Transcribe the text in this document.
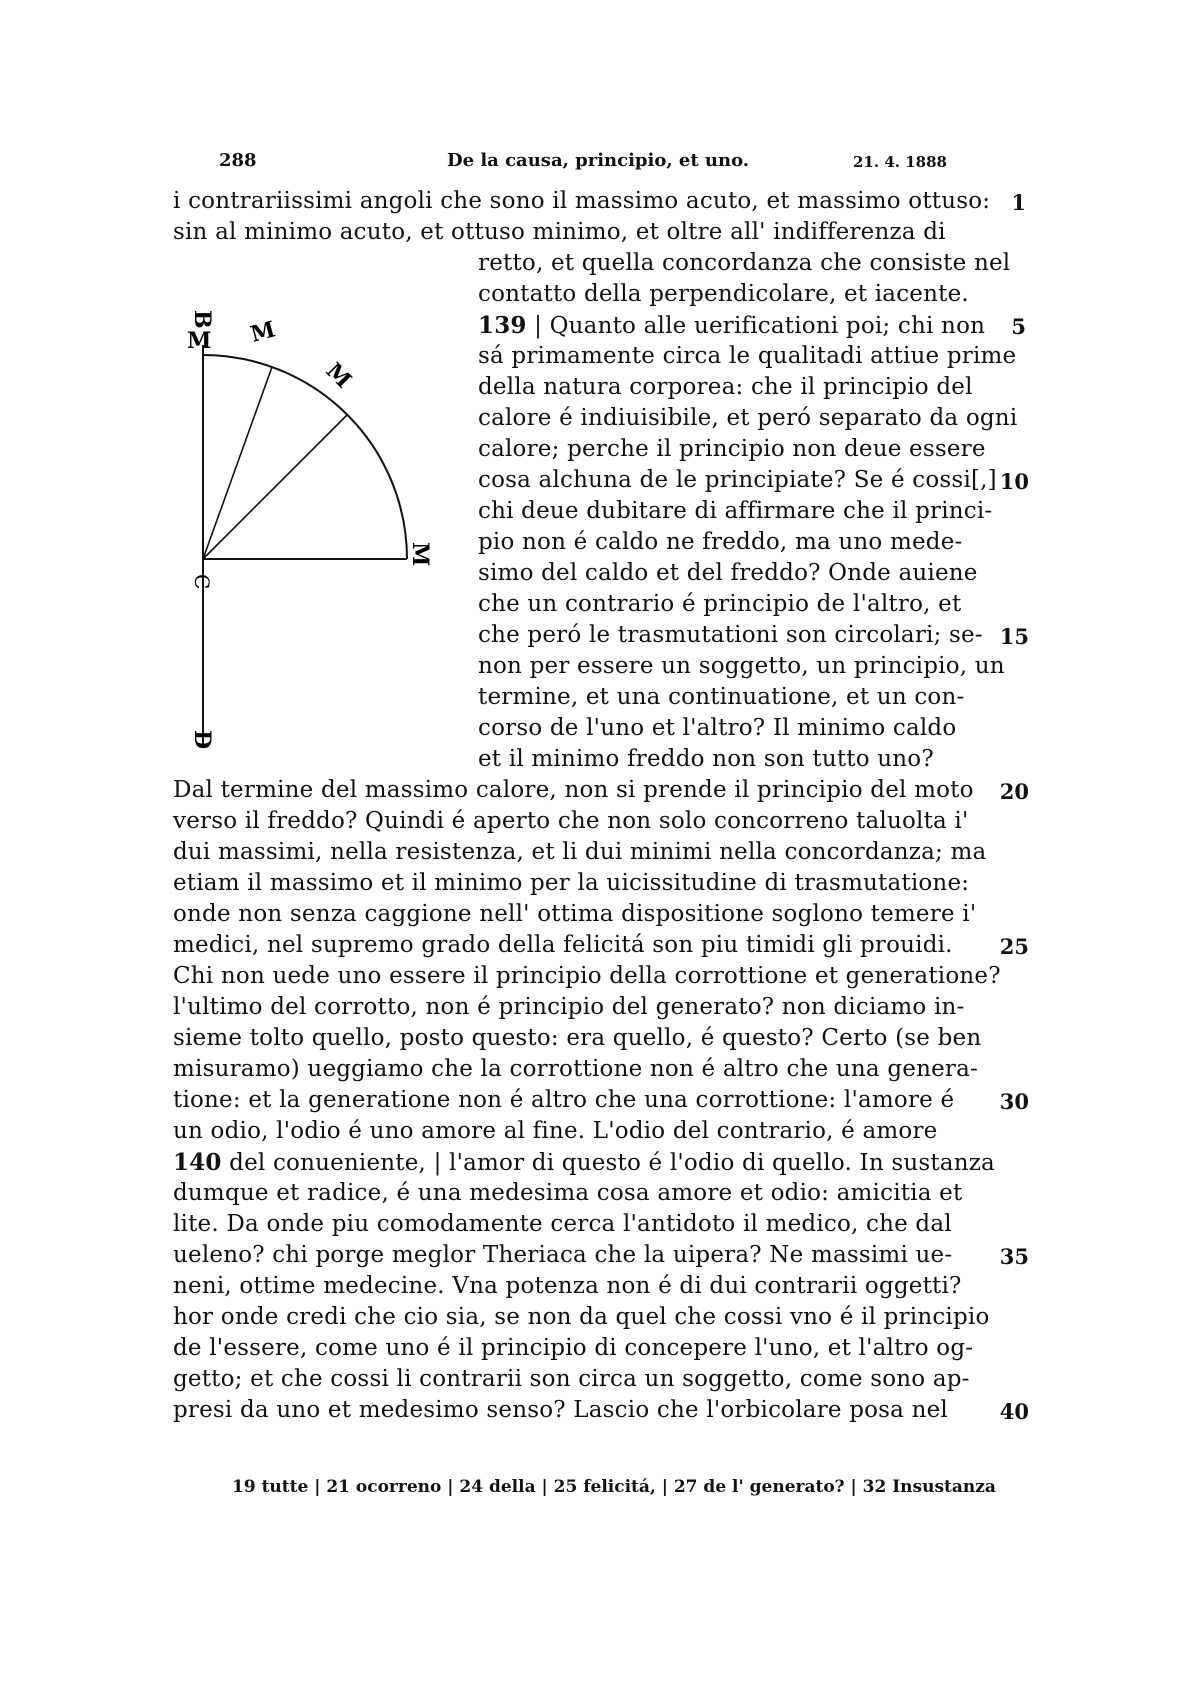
288	De la causa, principio, et uno.	21. 4. 1888
B
M M
M
M
C
D
i contrariissimi angoli che sono il massimo acuto, et massimo ottuso:
sin al minimo acuto, et ottuso minimo, et oltre all' indifferenza di
retto, et quella concordanza che consiste nel
contatto della perpendicolare, et iacente.
139 | Quanto alle uerificationi poi; chi non
sá primamente circa le qualitadi attiue prime
della natura corporea: che il principio del
calore é indiuisibile, et peró separato da ogni
calore; perche il principio non deue essere
cosa alchuna de le principiate? Se é cossi[,]
chi deue dubitare di affirmare che il princi-
pio non é caldo ne freddo, ma uno mede-
simo del caldo et del freddo? Onde auiene
che un contrario é principio de l'altro, et
che peró le trasmutationi son circolari; se-
non per essere un soggetto, un principio, un
termine, et una continuatione, et un con-
corso de l'uno et l'altro? Il minimo caldo
et il minimo freddo non son tutto uno?
Dal termine del massimo calore, non si prende il principio del moto
verso il freddo? Quindi é aperto che non solo concorreno taluolta i'
dui massimi, nella resistenza, et li dui minimi nella concordanza; ma
etiam il massimo et il minimo per la uicissitudine di trasmutatione:
onde non senza caggione nell' ottima dispositione soglono temere i'
medici, nel supremo grado della felicitá son piu timidi gli prouidi.
Chi non uede uno essere il principio della corrottione et generatione?
l'ultimo del corrotto, non é principio del generato? non diciamo in-
sieme tolto quello, posto questo: era quello, é questo? Certo (se ben
misuramo) ueggiamo che la corrottione non é altro che una genera-
tione: et la generatione non é altro che una corrottione: l'amore é
un odio, l'odio é uno amore al fine. L'odio del contrario, é amore
140 del conueniente, | l'amor di questo é l'odio di quello. In sustanza
dumque et radice, é una medesima cosa amore et odio: amicitia et
lite. Da onde piu comodamente cerca l'antidoto il medico, che dal
ueleno? chi porge meglor Theriaca che la uipera? Ne massimi ue-
neni, ottime medecine. Vna potenza non é di dui contrarii oggetti?
hor onde credi che cio sia, se non da quel che cossi vno é il principio
de l'essere, come uno é il principio di concepere l'uno, et l'altro og-
getto; et che cossi li contrarii son circa un soggetto, come sono ap-
presi da uno et medesimo senso? Lascio che l'orbicolare posa nel
1
5
10
15
20
25
30
35
40
19 tutte | 21 ocorreno | 24 della | 25 felicitá, | 27 de l' generato? | 32 Insustanza
